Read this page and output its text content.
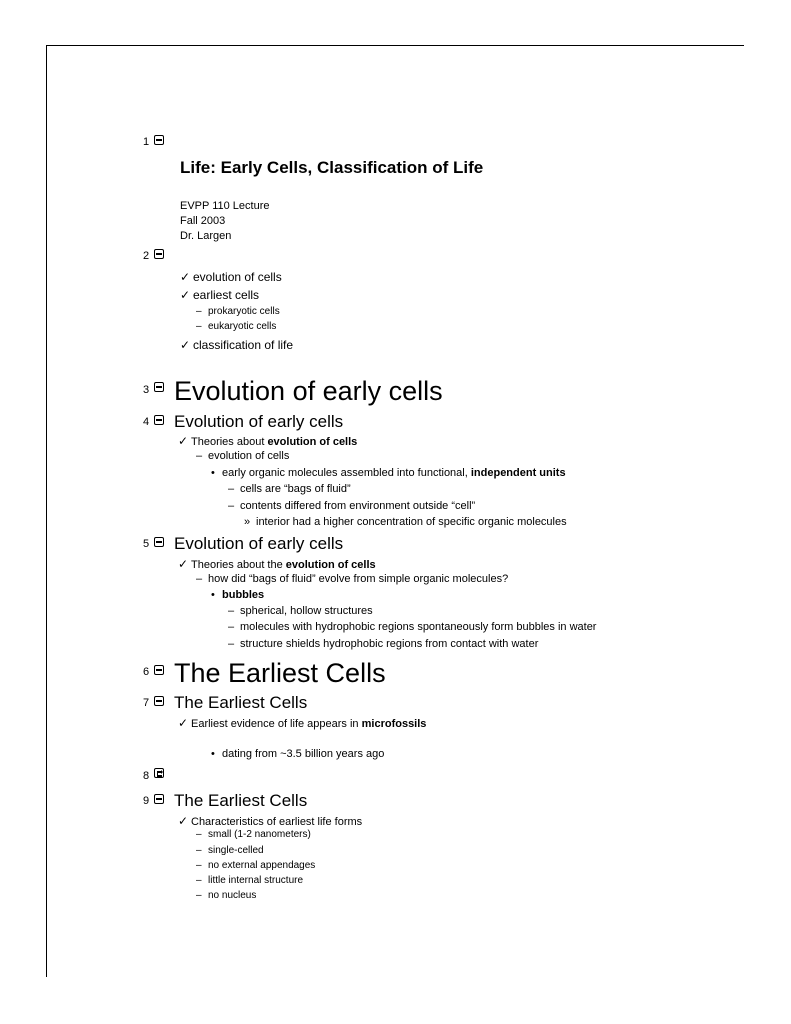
1
Life: Early Cells, Classification of Life
EVPP 110 Lecture
Fall 2003
Dr. Largen
2
✓ evolution of cells
✓ earliest cells
– prokaryotic cells
– eukaryotic cells
✓ classification of life
3 Evolution of early cells
4 Evolution of early cells
✓ Theories about evolution of cells
– evolution of cells
• early organic molecules assembled into functional, independent units
– cells are “bags of fluid”
– contents differed from environment outside “cell”
» interior had a higher concentration of specific organic molecules
5 Evolution of early cells
✓ Theories about the evolution of cells
– how did “bags of fluid” evolve from simple organic molecules?
• bubbles
– spherical, hollow structures
– molecules with hydrophobic regions spontaneously form bubbles in water
– structure shields hydrophobic regions from contact with water
6 The Earliest Cells
7 The Earliest Cells
✓ Earliest evidence of life appears in microfossils
• dating from ~3.5 billion years ago
8
9 The Earliest Cells
✓ Characteristics of earliest life forms
– small (1-2 nanometers)
– single-celled
– no external appendages
– little internal structure
– no nucleus
